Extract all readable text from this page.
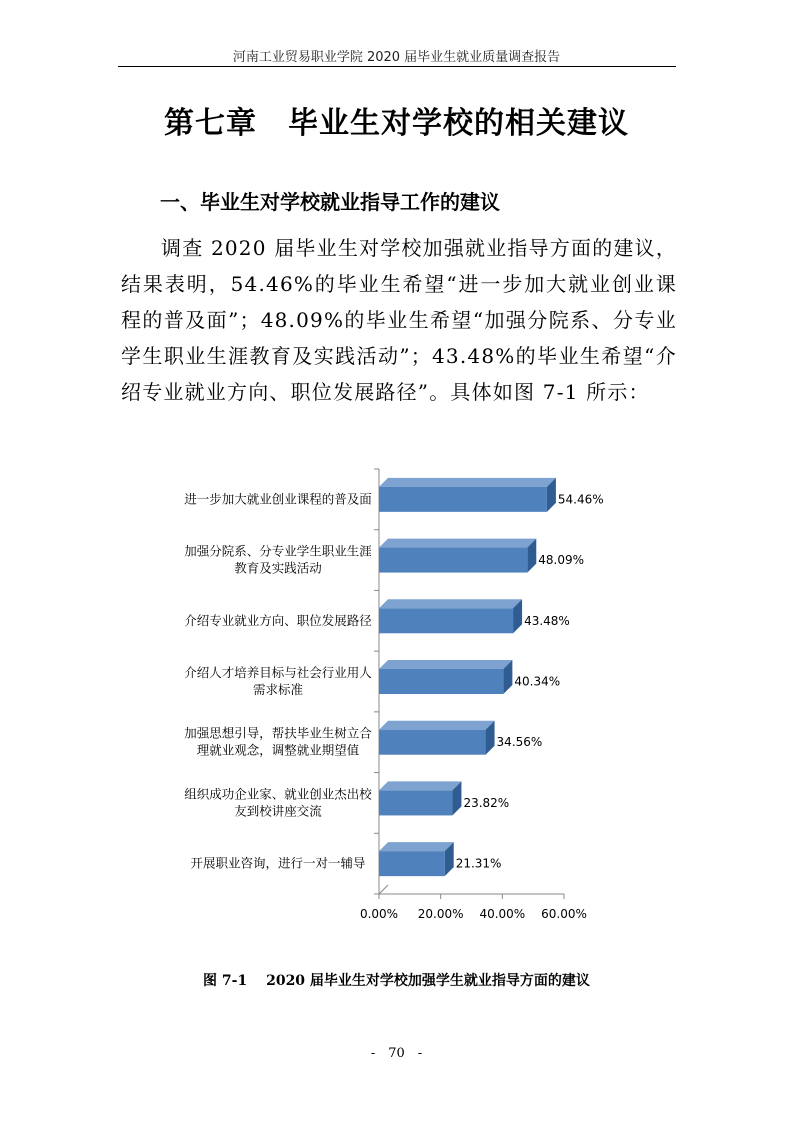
河南工业贸易职业学院 2020 届毕业生就业质量调查报告
第七章　毕业生对学校的相关建议
一、毕业生对学校就业指导工作的建议
调查 2020 届毕业生对学校加强就业指导方面的建议，结果表明，54.46%的毕业生希望“进一步加大就业创业课程的普及面”；48.09%的毕业生希望“加强分院系、分专业学生职业生涯教育及实践活动”；43.48%的毕业生希望“介绍专业就业方向、职位发展路径”。具体如图 7-1 所示：
0.00% 20.00% 40.00% 60.00%
54.46%
进一步加大就业创业课程的普及面
48.09%
加强分院系、分专业学生职业生涯
教育及实践活动
43.48%
介绍专业就业方向、职位发展路径
40.34%
介绍人才培养目标与社会行业用人
需求标准
34.56%
加强思想引导，帮扶毕业生树立合
理就业观念，调整就业期望值
23.82%
组织成功企业家、就业创业杰出校
友到校讲座交流
21.31%
开展职业咨询，进行一对一辅导
图 7-1　 2020 届毕业生对学校加强学生就业指导方面的建议
-　70　-
